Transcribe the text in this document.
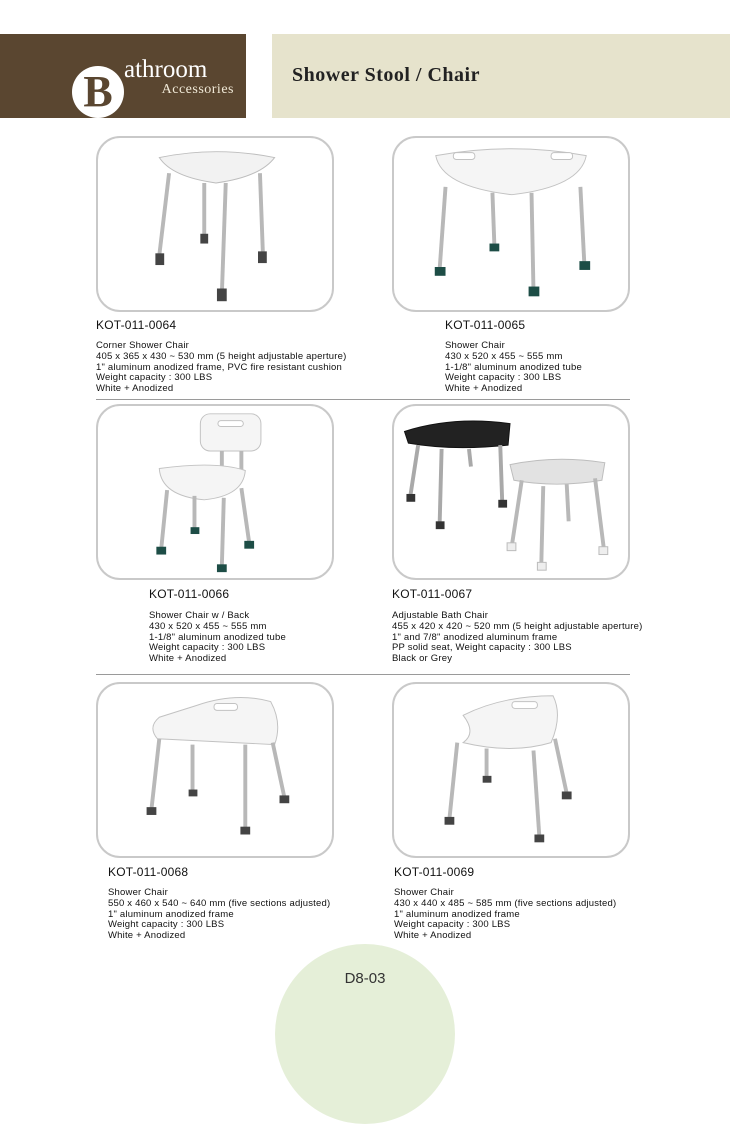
B athroom
Accessories
Shower Stool / Chair
KOT-011-0064
Corner Shower Chair
405 x 365 x 430 ~ 530 mm (5 height adjustable aperture)
1" aluminum anodized frame, PVC fire resistant cushion
Weight capacity : 300 LBS
White + Anodized
KOT-011-0065
Shower Chair
430 x 520 x 455 ~ 555 mm
1-1/8" aluminum anodized tube
Weight capacity : 300 LBS
White + Anodized
KOT-011-0066
Shower Chair w / Back
430 x 520 x 455 ~ 555 mm
1-1/8" aluminum anodized tube
Weight capacity : 300 LBS
White + Anodized
KOT-011-0067
Adjustable Bath Chair
455 x 420 x 420 ~ 520 mm (5 height adjustable aperture)
1" and 7/8" anodized aluminum frame
PP solid seat, Weight capacity : 300 LBS
Black or Grey
KOT-011-0068
Shower Chair
550 x 460 x 540 ~ 640 mm (five sections adjusted)
1" aluminum anodized frame
Weight capacity : 300 LBS
White + Anodized
KOT-011-0069
Shower Chair
430 x 440 x 485 ~ 585 mm (five sections adjusted)
1" aluminum anodized frame
Weight capacity : 300 LBS
White + Anodized
D8-03
